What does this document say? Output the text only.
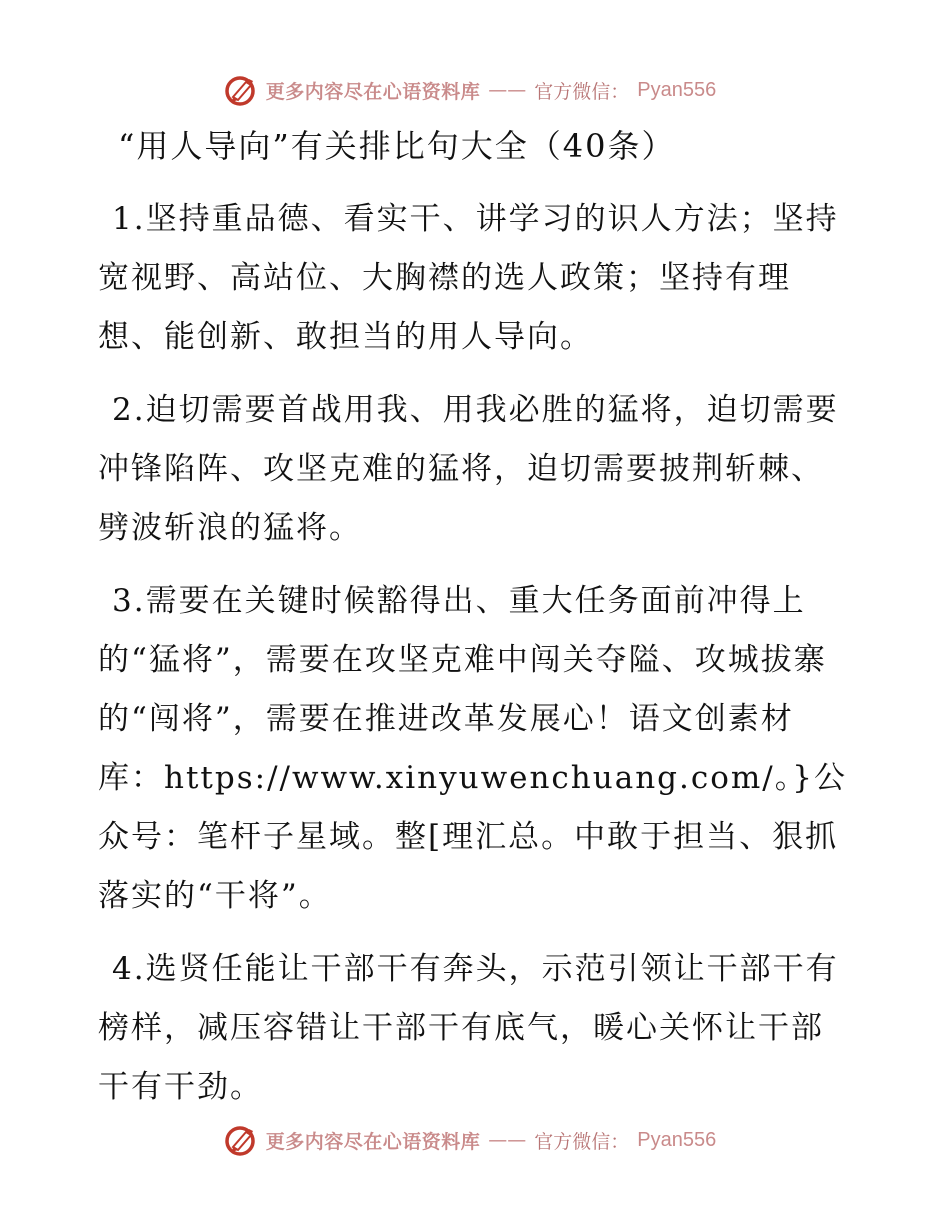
更多内容尽在心语资料库 —— 官方微信： Pyan556
“用人导向”有关排比句大全（40条）

1.坚持重品德、看实干、讲学习的识人方法；坚持宽视野、高站位、大胸襟的选人政策；坚持有理想、能创新、敢担当的用人导向。

2.迫切需要首战用我、用我必胜的猛将，迫切需要冲锋陷阵、攻坚克难的猛将，迫切需要披荆斩棘、劈波斩浪的猛将。

3.需要在关键时候豁得出、重大任务面前冲得上的“猛将”，需要在攻坚克难中闯关夺隘、攻城拔寨的“闯将”，需要在推进改革发展心！语文创素材库：https://www.xinyuwenchuang.com/。}公众号：笔杆子星域。整[理汇总。中敢于担当、狠抓落实的“干将”。

4.选贤任能让干部干有奔头，示范引领让干部干有榜样，减压容错让干部干有底气，暖心关怀让干部干有干劲。

更多内容尽在心语资料库 —— 官方微信： Pyan556
